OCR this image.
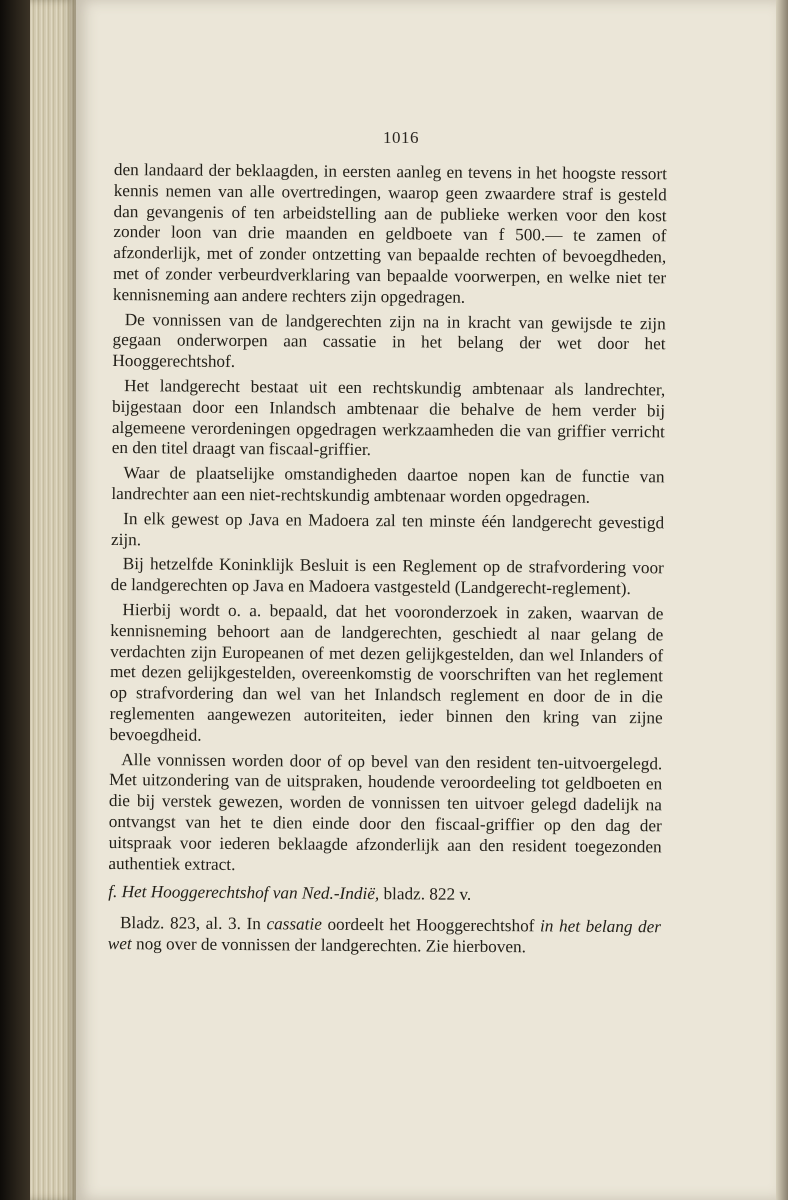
1016

den landaard der beklaagden, in eersten aanleg en tevens in het hoogste ressort kennis nemen van alle overtredingen, waarop geen zwaardere straf is gesteld dan gevangenis of ten arbeidstelling aan de publieke werken voor den kost zonder loon van drie maanden en geldboete van f 500.— te zamen of afzonderlijk, met of zonder ontzetting van bepaalde rechten of bevoegdheden, met of zonder verbeurdverklaring van bepaalde voorwerpen, en welke niet ter kennisneming aan andere rechters zijn opgedragen.

De vonnissen van de landgerechten zijn na in kracht van gewijsde te zijn gegaan onderworpen aan cassatie in het belang der wet door het Hooggerechtshof.

Het landgerecht bestaat uit een rechtskundig ambtenaar als landrechter, bijgestaan door een Inlandsch ambtenaar die behalve de hem verder bij algemeene verordeningen opgedragen werkzaamheden die van griffier verricht en den titel draagt van fiscaal-griffier.

Waar de plaatselijke omstandigheden daartoe nopen kan de functie van landrechter aan een niet-rechtskundig ambtenaar worden opgedragen.

In elk gewest op Java en Madoera zal ten minste één landgerecht gevestigd zijn.

Bij hetzelfde Koninklijk Besluit is een Reglement op de strafvordering voor de landgerechten op Java en Madoera vastgesteld (Landgerecht-reglement).

Hierbij wordt o. a. bepaald, dat het vooronderzoek in zaken, waarvan de kennisneming behoort aan de landgerechten, geschiedt al naar gelang de verdachten zijn Europeanen of met dezen gelijkgestelden, dan wel Inlanders of met dezen gelijkgestelden, overeenkomstig de voorschriften van het reglement op strafvordering dan wel van het Inlandsch reglement en door de in die reglementen aangewezen autoriteiten, ieder binnen den kring van zijne bevoegdheid.

Alle vonnissen worden door of op bevel van den resident ten-uitvoergelegd. Met uitzondering van de uitspraken, houdende veroordeeling tot geldboeten en die bij verstek gewezen, worden de vonnissen ten uitvoer gelegd dadelijk na ontvangst van het te dien einde door den fiscaal-griffier op den dag der uitspraak voor iederen beklaagde afzonderlijk aan den resident toegezonden authentiek extract.

f. Het Hooggerechtshof van Ned.-Indië, bladz. 822 v.

Bladz. 823, al. 3. In cassatie oordeelt het Hooggerechtshof in het belang der wet nog over de vonnissen der landgerechten. Zie hierboven.
